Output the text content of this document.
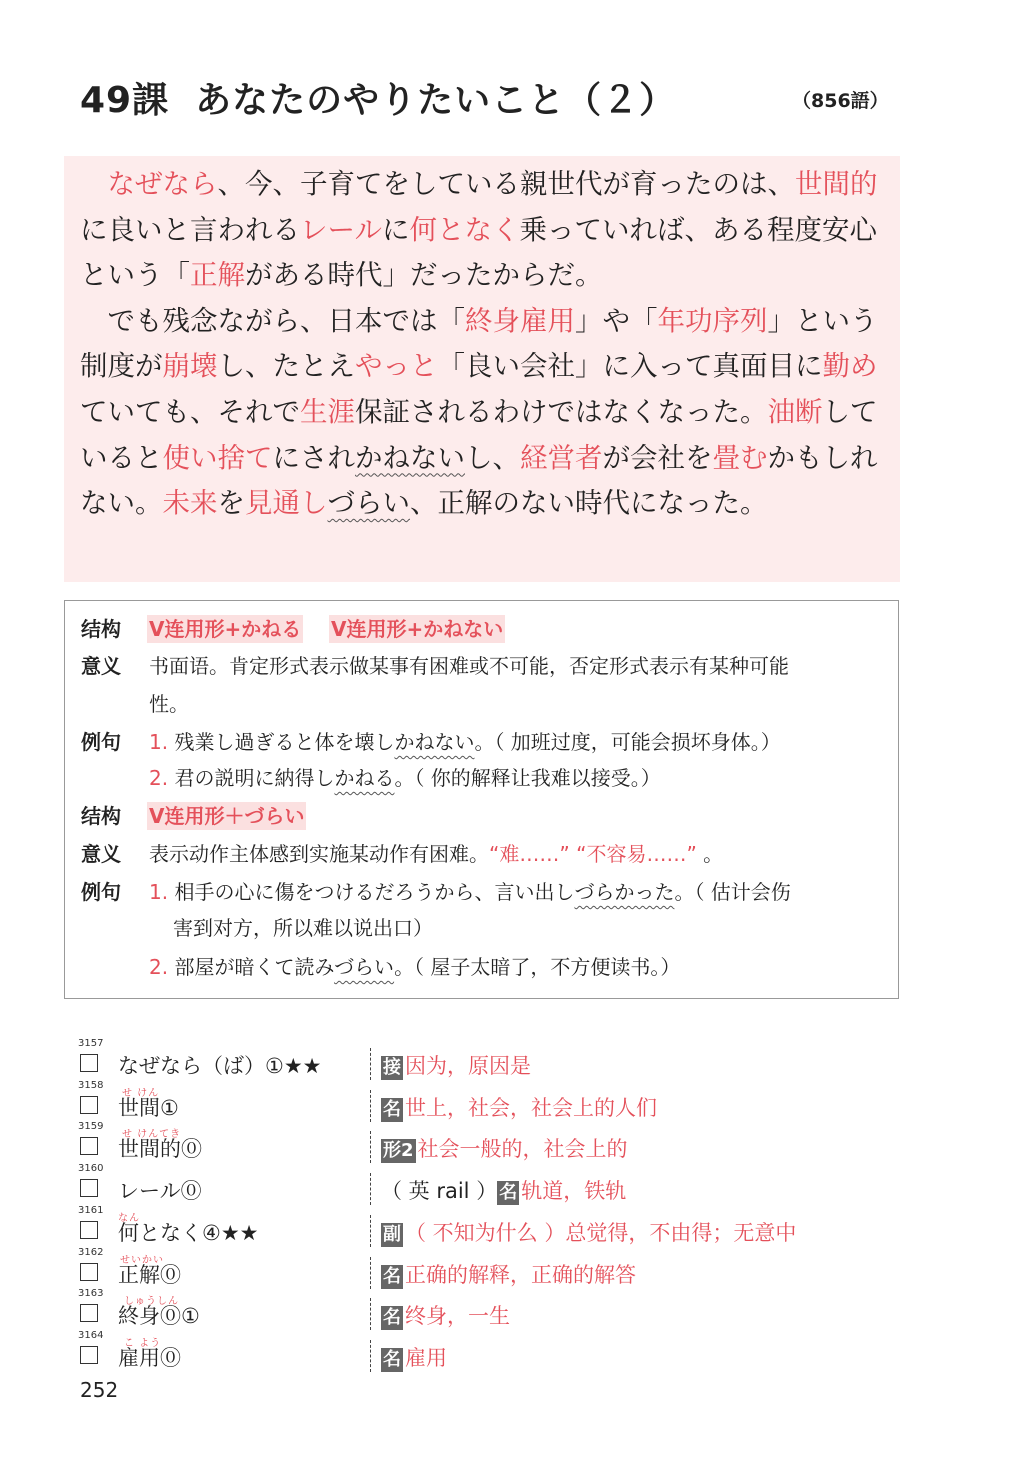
49課 あなたのやりたいこと（２）	（856語）

なぜなら、今、子育てをしている親世代が育ったのは、世間的に良いと言われるレールに何となく乗っていれば、ある程度安心という「正解がある時代」だったからだ。

でも残念ながら、日本では「終身雇用」や「年功序列」という制度が崩壊し、たとえやっと「良い会社」に入って真面目に勤めていても、それで生涯保証されるわけではなくなった。油断していると使い捨てにされかねないし、経営者が会社を畳むかもしれない。未来を見通しづらい、正解のない時代になった。

结构 V连用形+かねる V连用形+かねない
意义 书面语。肯定形式表示做某事有困难或不可能，否定形式表示有某种可能
性。
例句 1. 残業し過ぎると体を壊しかねない。（ 加班过度，可能会损坏身体。）
2. 君の説明に納得しかねる。（ 你的解释让我难以接受。）
结构 V连用形＋づらい
意义 表示动作主体感到实施某动作有困难。“难……” “不容易……” 。
例句 1. 相手の心に傷をつけるだろうから、言い出しづらかった。（ 估计会伤
害到对方，所以难以说出口）
2. 部屋が暗くて読みづらい。（ 屋子太暗了，不方便读书。）
3157
なぜなら（ば）①★★	接 因为，原因是
3158
せ けん
世間①	名 世上，社会，社会上的人们
3159
せ けんてき
世間的⓪	形2 社会一般的，社会上的
3160
レール⓪	（ 英 rail ） 名 轨道，铁轨
3161
なん
何となく④★★	副 （ 不知为什么 ）总觉得，不由得；无意中
3162
せいかい
正解⓪	名 正确的解释，正确的解答
3163
しゅうしん
終身⓪①	名 终身，一生
3164
こ よう
雇用⓪	名 雇用
252
